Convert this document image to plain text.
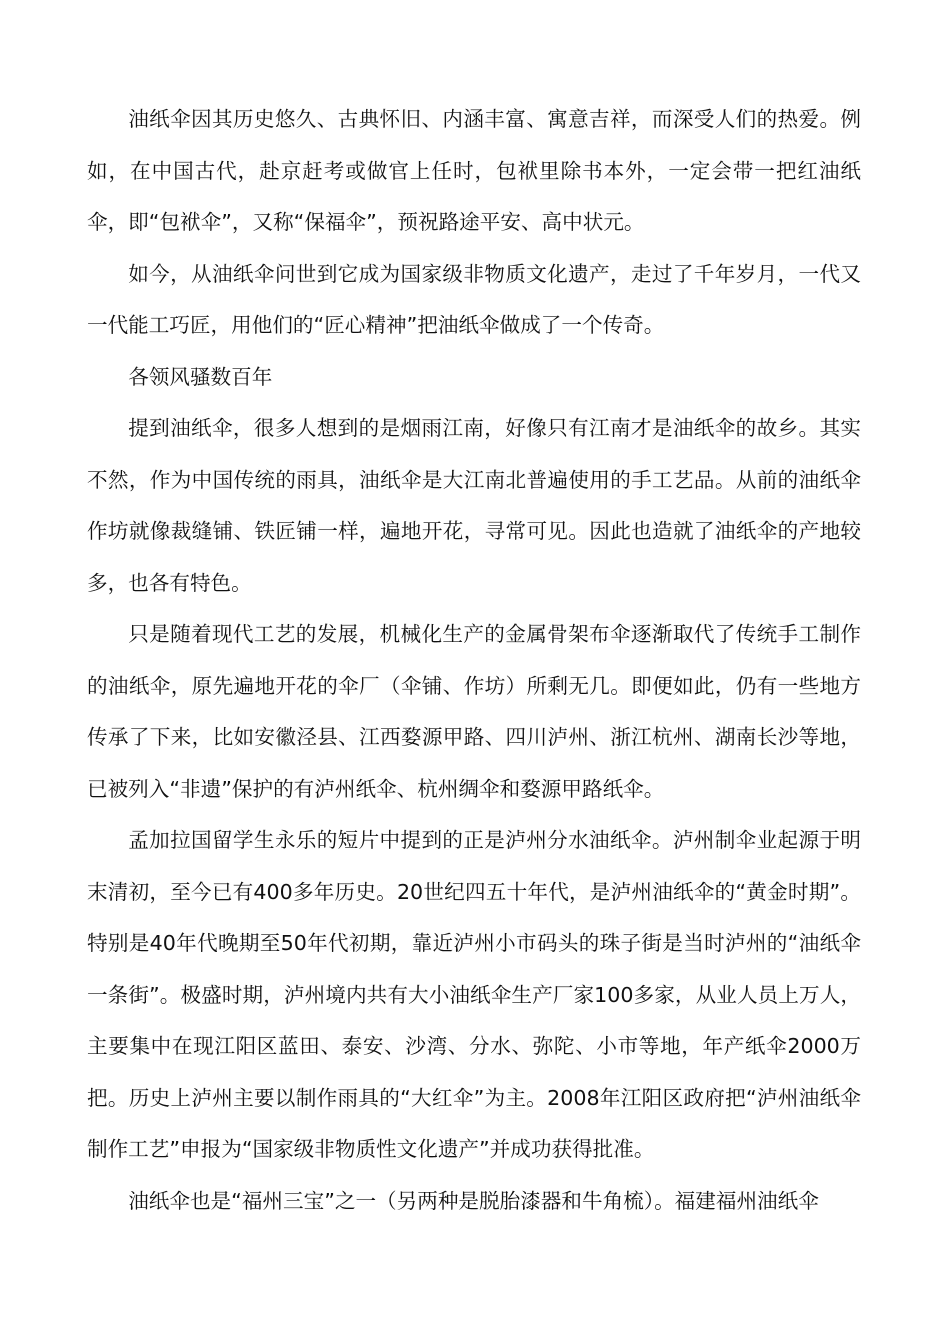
油纸伞因其历史悠久、古典怀旧、内涵丰富、寓意吉祥，而深受人们的热爱。例如，在中国古代，赴京赶考或做官上任时，包袱里除书本外，一定会带一把红油纸伞，即“包袱伞”，又称“保福伞”，预祝路途平安、高中状元。

如今，从油纸伞问世到它成为国家级非物质文化遗产，走过了千年岁月，一代又一代能工巧匠，用他们的“匠心精神”把油纸伞做成了一个传奇。

各领风骚数百年

提到油纸伞，很多人想到的是烟雨江南，好像只有江南才是油纸伞的故乡。其实不然，作为中国传统的雨具，油纸伞是大江南北普遍使用的手工艺品。从前的油纸伞作坊就像裁缝铺、铁匠铺一样，遍地开花，寻常可见。因此也造就了油纸伞的产地较多，也各有特色。

只是随着现代工艺的发展，机械化生产的金属骨架布伞逐渐取代了传统手工制作的油纸伞，原先遍地开花的伞厂（伞铺、作坊）所剩无几。即便如此，仍有一些地方传承了下来，比如安徽泾县、江西婺源甲路、四川泸州、浙江杭州、湖南长沙等地，已被列入“非遗”保护的有泸州纸伞、杭州绸伞和婺源甲路纸伞。

孟加拉国留学生永乐的短片中提到的正是泸州分水油纸伞。泸州制伞业起源于明末清初，至今已有400多年历史。20世纪四五十年代，是泸州油纸伞的“黄金时期”。特别是40年代晚期至50年代初期，靠近泸州小市码头的珠子街是当时泸州的“油纸伞一条街”。极盛时期，泸州境内共有大小油纸伞生产厂家100多家，从业人员上万人，主要集中在现江阳区蓝田、泰安、沙湾、分水、弥陀、小市等地，年产纸伞2000万把。历史上泸州主要以制作雨具的“大红伞”为主。2008年江阳区政府把“泸州油纸伞制作工艺”申报为“国家级非物质性文化遗产”并成功获得批准。

油纸伞也是“福州三宝”之一（另两种是脱胎漆器和牛角梳）。福建福州油纸伞
